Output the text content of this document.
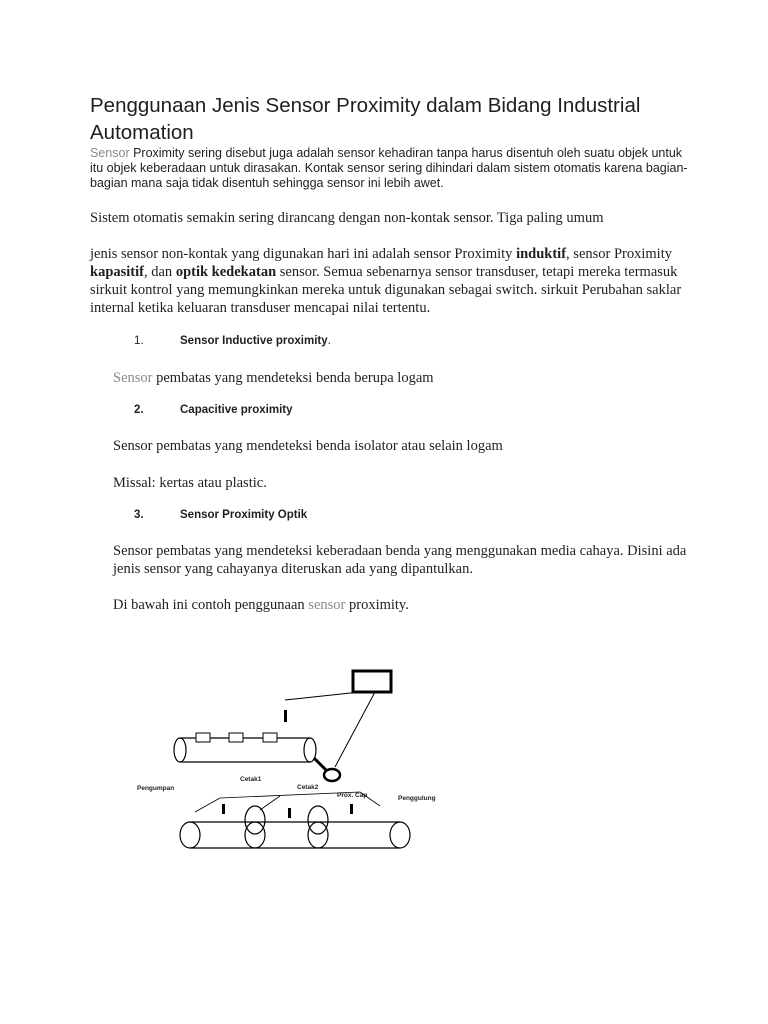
Penggunaan Jenis Sensor Proximity dalam Bidang Industrial Automation
Sensor Proximity sering disebut juga adalah sensor kehadiran tanpa harus disentuh oleh suatu objek untuk itu objek keberadaan untuk dirasakan. Kontak sensor sering dihindari dalam sistem otomatis karena bagian-bagian mana saja tidak disentuh sehingga sensor ini lebih awet.
Sistem otomatis semakin sering dirancang dengan non-kontak sensor. Tiga paling umum
jenis sensor non-kontak yang digunakan hari ini adalah sensor Proximity induktif, sensor Proximity kapasitif, dan optik kedekatan sensor. Semua sebenarnya sensor transduser, tetapi mereka termasuk sirkuit kontrol yang memungkinkan mereka untuk digunakan sebagai switch. sirkuit Perubahan saklar internal ketika keluaran transduser mencapai nilai tertentu.
1.	Sensor Inductive proximity.
Sensor pembatas yang mendeteksi benda berupa logam
2.	Capacitive proximity
Sensor pembatas yang mendeteksi benda isolator atau selain logam
Missal: kertas atau plastic.
3.	Sensor Proximity Optik
Sensor pembatas yang mendeteksi keberadaan benda yang menggunakan media cahaya. Disini ada jenis sensor yang cahayanya diteruskan ada yang dipantulkan.
Di bawah ini contoh penggunaan sensor proximity.
Pengumpan
Cetak1
Cetak2
Prox. Cap	Penggulung
